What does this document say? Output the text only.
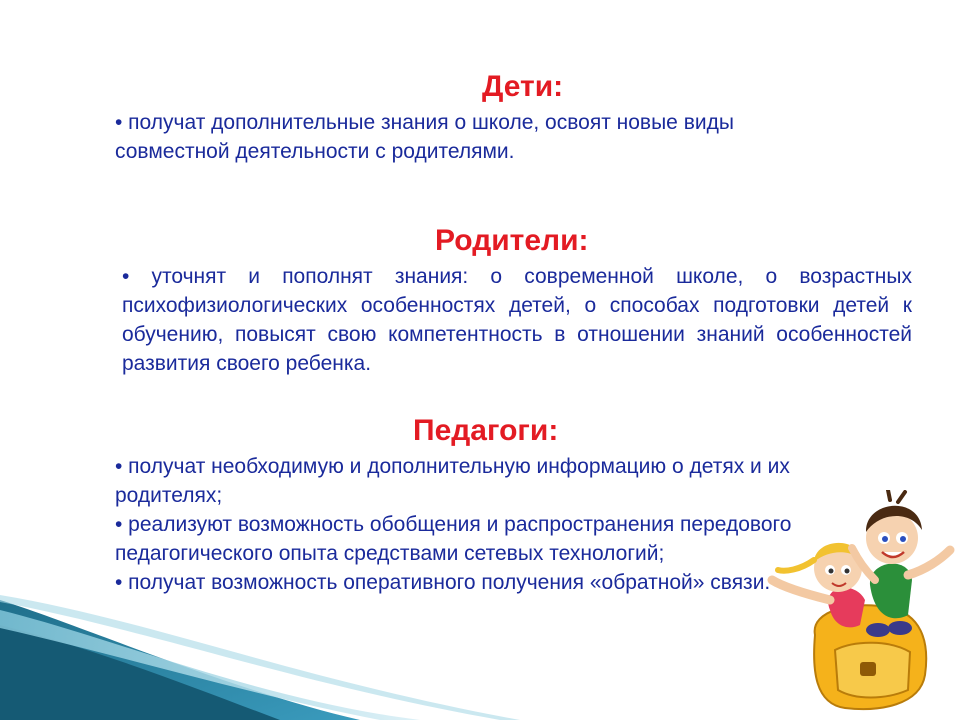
Дети:

• получат дополнительные знания о школе, освоят новые виды совместной деятельности с родителями.

Родители:

• уточнят и пополнят знания: о современной школе, о возрастных психофизиологических особенностях детей, о способах подготовки детей к обучению, повысят свою компетентность в отношении знаний особенностей развития своего ребенка.

Педагоги:
• получат необходимую и дополнительную информацию о детях и их родителях;
• реализуют возможность обобщения и распространения передового педагогического опыта средствами сетевых технологий;
• получат возможность оперативного получения «обратной» связи.
